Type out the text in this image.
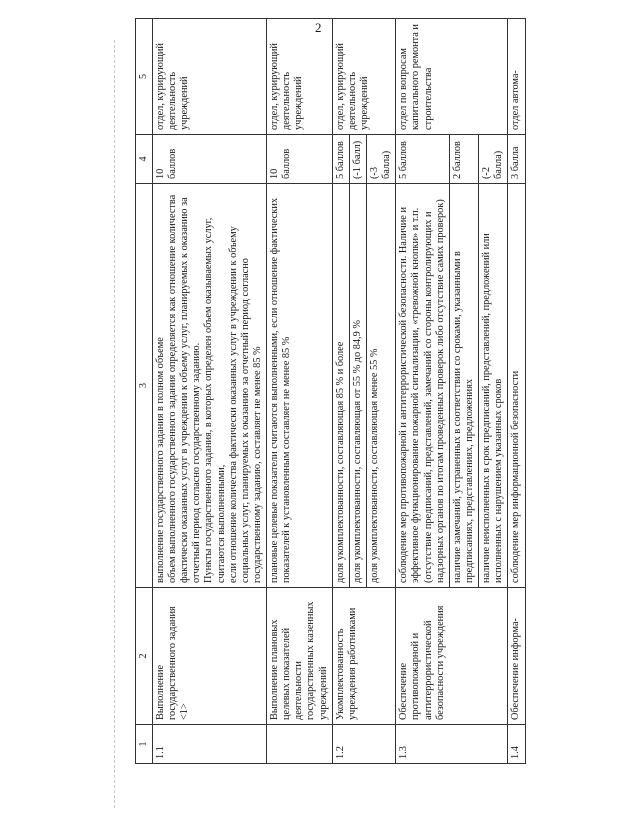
2
1	2	3	4	5
1.1	Выполнение государственного задания <1>	выполнение государственного задания в полном объеме объем выполненного государственного задания определяется как отношение количества фактически оказанных услуг в учреждении к объему услуг, планируемых к оказанию за отчетный период согласно государственному заданию. Пункты государственного задания, в которых определен объем оказываемых услуг, считаются выполненными, если отношение количества фактически оказанных услуг в учреждении к объему социальных услуг, планируемых к оказанию за отчетный период согласно государственному заданию, составляет не менее 85 %	10 баллов	отдел, курирующий деятельность учреждений
	Выполнение плановых целевых показателей деятельности государственных казенных учреждений	плановые целевые показатели считаются выполненными, если отношение фактических показателей к установленным составляет не менее 85 %	10 баллов	отдел, курирующий деятельность учреждений
1.2	Укомплектованность учреждения работниками	доля укомплектованности, составляющая 85 % и более	5 баллов	отдел, курирующий деятельность учреждений
		доля укомплектованности, составляющая от 55 % до 84,9 %	(-1 балл)	
		доля укомплектованности, составляющая менее 55 %	(-3 балла)	
1.3	Обеспечение противопожарной и антитеррористической безопасности учреждения	соблюдение мер противопожарной и антитеррористической безопасности. Наличие и эффективное функционирование пожарной сигнализации, «тревожной кнопки» и т.п. (отсутствие предписаний, представлений, замечаний со стороны контролирующих и надзорных органов по итогам проведенных проверок либо отсутствие самих проверок)	5 баллов	отдел по вопросам капитального ремонта и строительства
		наличие замечаний, устраненных в соответствии со сроками, указанными в предписаниях, представлениях, предложениях	2 баллов	
		наличие неисполненных в срок предписаний, представлений, предложений или исполненных с нарушением указанных сроков	(-2 балла)	
1.4	Обеспечение информа-	соблюдение мер информационной безопасности	3 балла	отдел автома-
